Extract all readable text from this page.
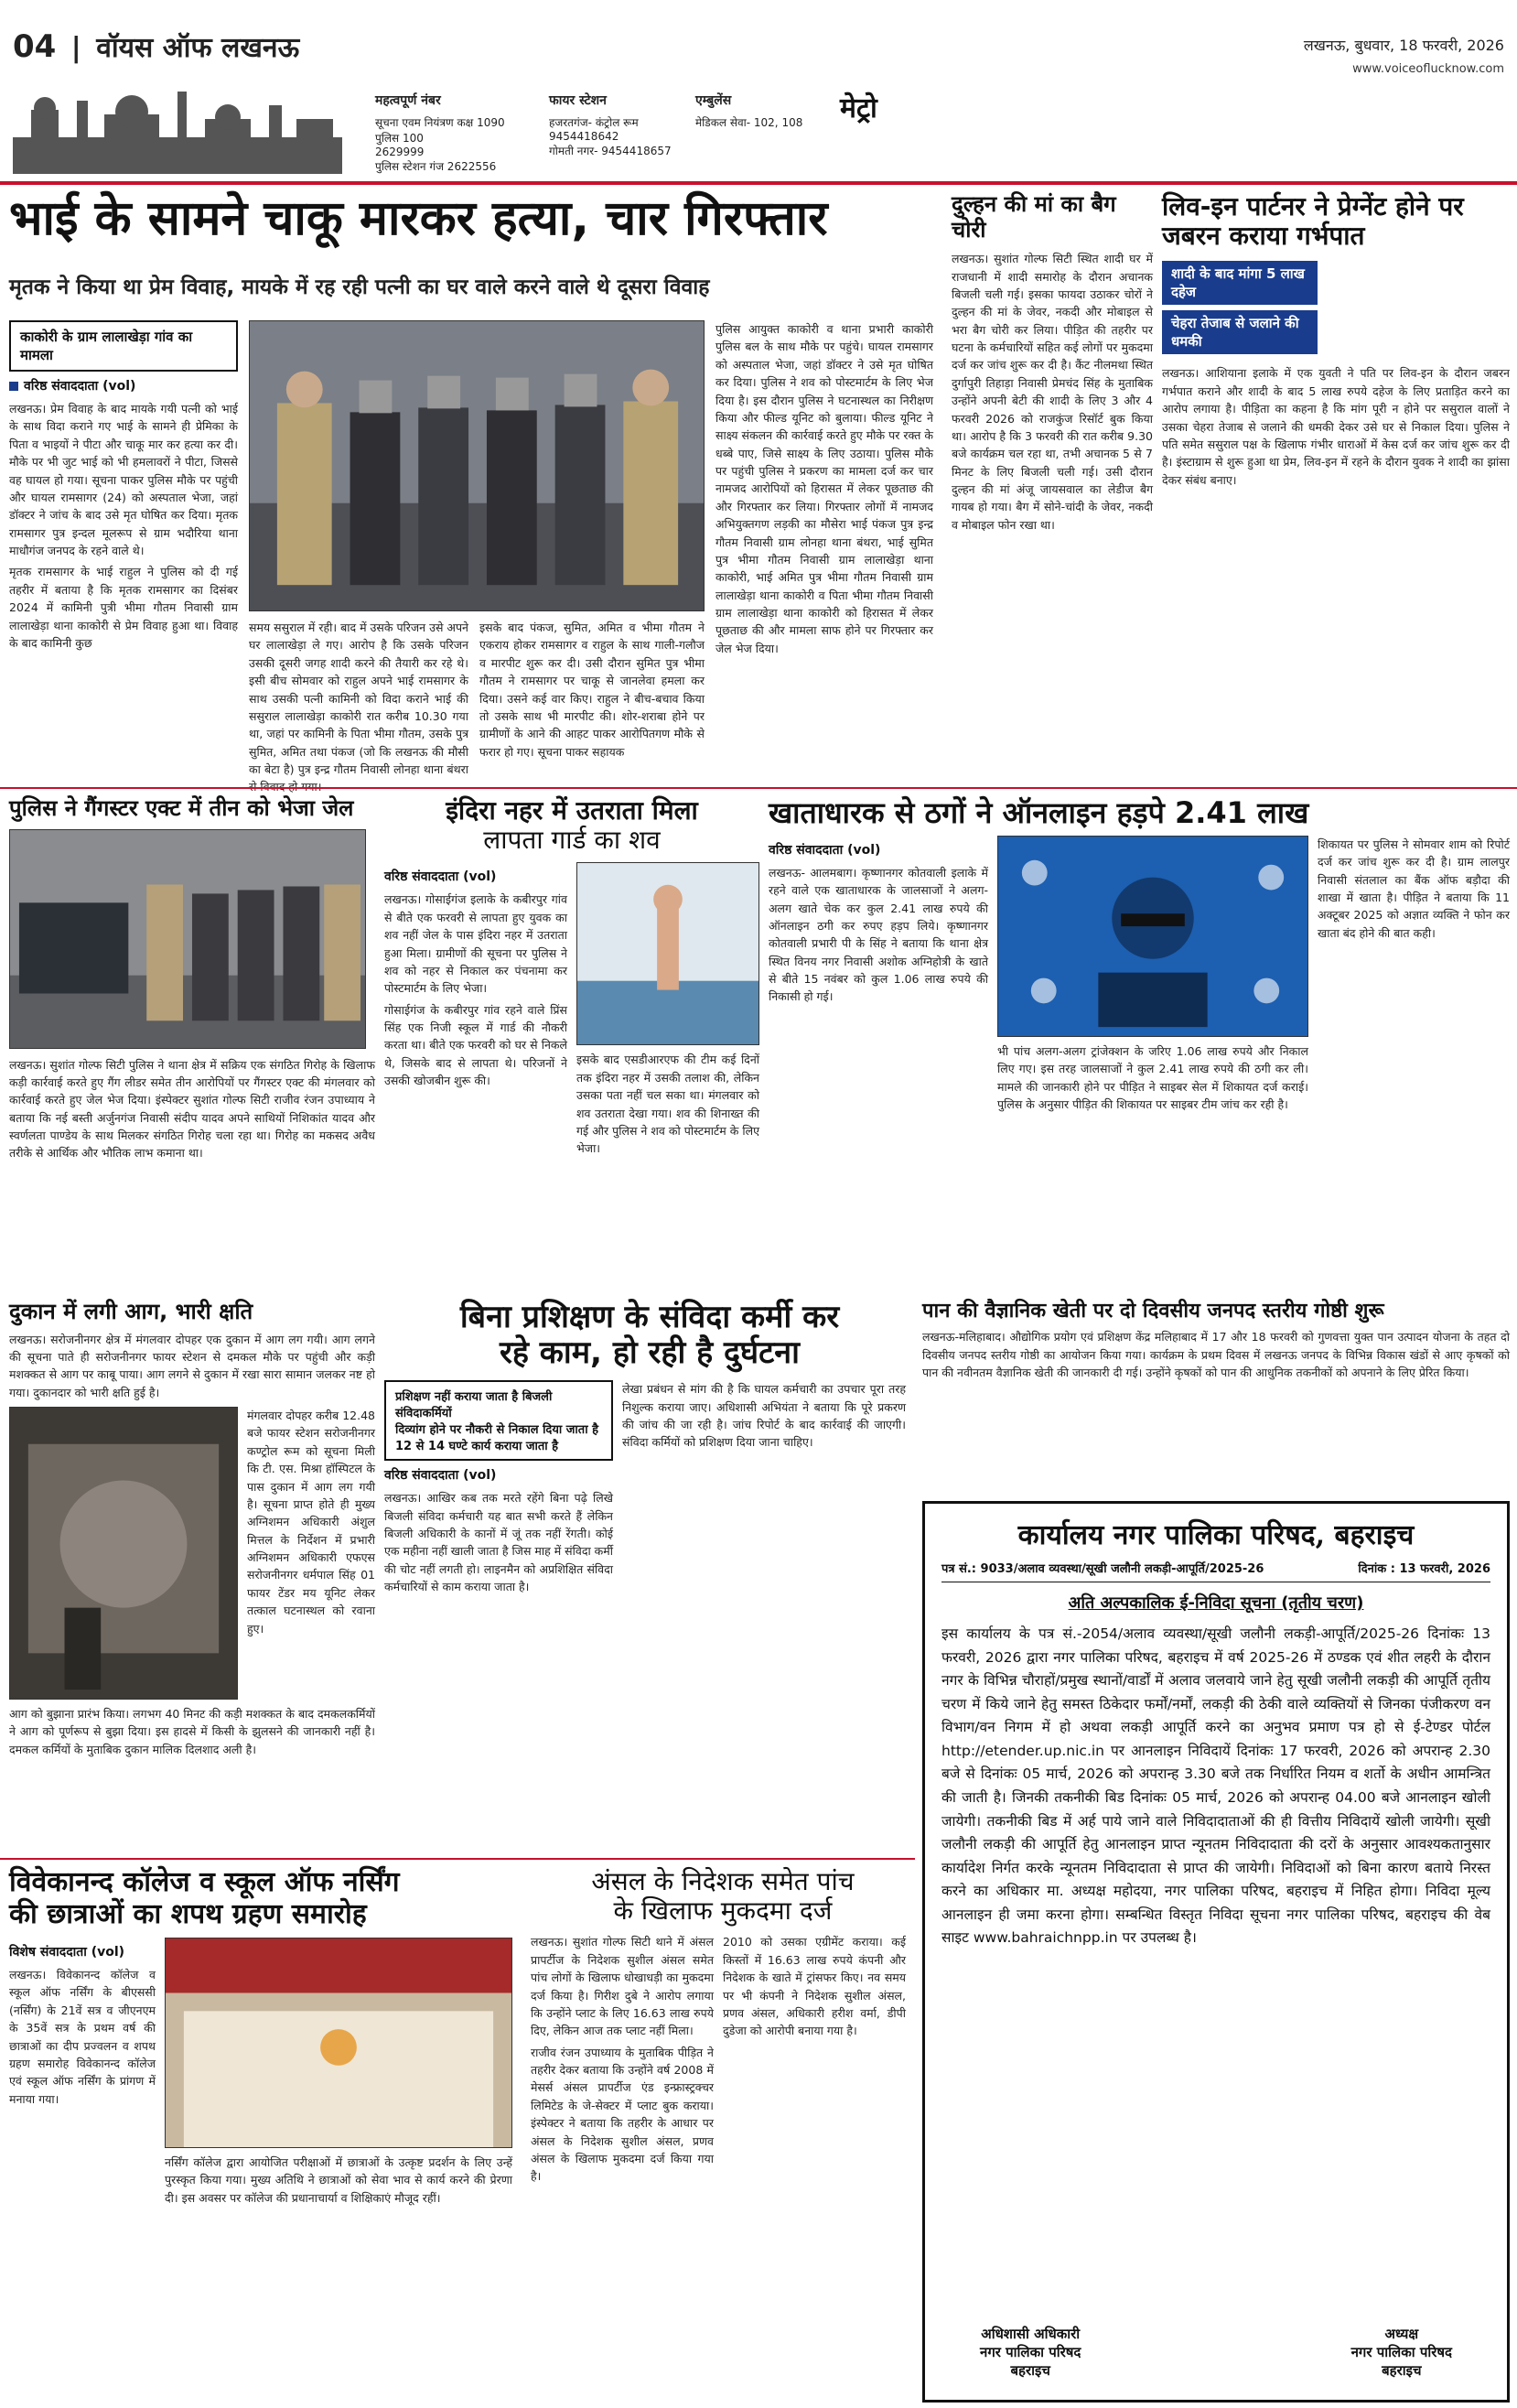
04 | वॉयस ऑफ लखनऊ
महत्वपूर्ण नंबर
सूचना एवम नियंत्रण कक्ष 1090
पुलिस 100
2629999
पुलिस स्टेशन गंज 2622556
फायर स्टेशन
हजरतगंज- कंट्रोल रूम
9454418642
गोमती नगर- 9454418657
एम्बुलेंस
मेडिकल सेवा- 102, 108	मेट्रो
लखनऊ, बुधवार, 18 फरवरी, 2026
www.voiceoflucknow.com
भाई के सामने चाकू मारकर हत्या, चार गिरफ्तार
मृतक ने किया था प्रेम विवाह, मायके में रह रही पत्नी का घर वाले करने वाले थे दूसरा विवाह
काकोरी के ग्राम लालाखेड़ा गांव का मामला
वरिष्ठ संवाददाता (vol)
लखनऊ। प्रेम विवाह के बाद मायके गयी पत्नी को भाई के साथ विदा कराने गए भाई के सामने ही प्रेमिका के पिता व भाइयों ने पीटा और चाकू मार कर हत्या कर दी। मौके पर भी जुट भाई को भी हमलावरों ने पीटा, जिससे वह घायल हो गया। सूचना पाकर पुलिस मौके पर पहुंची और घायल रामसागर (24) को अस्पताल भेजा, जहां डॉक्टर ने जांच के बाद उसे मृत घोषित कर दिया। मृतक रामसागर पुत्र इन्दल मूलरूप से ग्राम भदौरिया थाना माधौगंज जनपद के रहने वाले थे।
मृतक रामसागर के भाई राहुल ने पुलिस को दी गई तहरीर में बताया है कि मृतक रामसागर का दिसंबर 2024 में कामिनी पुत्री भीमा गौतम निवासी ग्राम लालाखेड़ा थाना काकोरी से प्रेम विवाह हुआ था। विवाह के बाद कामिनी कुछ
समय ससुराल में रही। बाद में उसके परिजन उसे अपने घर लालाखेड़ा ले गए। आरोप है कि उसके परिजन उसकी दूसरी जगह शादी करने की तैयारी कर रहे थे। इसी बीच सोमवार को राहुल अपने भाई रामसागर के साथ उसकी पत्नी कामिनी को विदा कराने भाई की ससुराल लालाखेड़ा काकोरी रात करीब 10.30 गया था, जहां पर कामिनी के पिता भीमा गौतम, उसके पुत्र सुमित, अमित तथा पंकज (जो कि लखनऊ की मौसी का बेटा है) पुत्र इन्द्र गौतम निवासी लोनहा थाना बंथरा
इसके बाद पंकज, सुमित, अमित व भीमा गौतम ने एकराय होकर रामसागर व राहुल के साथ गाली-गलौज व मारपीट शुरू कर दी। उसी दौरान सुमित पुत्र भीमा गौतम ने रामसागर पर चाकू से जानलेवा हमला कर दिया। उसने कई वार किए। राहुल ने बीच-बचाव किया तो उसके साथ भी मारपीट की। शोर-शराबा होने पर ग्रामीणों के आने की आहट पाकर आरोपितगण मौके से फरार हो गए। सूचना पाकर सहायक
पुलिस आयुक्त काकोरी व थाना प्रभारी काकोरी पुलिस बल के साथ मौके पर पहुंचे। घायल रामसागर को अस्पताल भेजा, जहां डॉक्टर ने उसे मृत घोषित कर दिया। पुलिस ने शव को पोस्टमार्टम के लिए भेज दिया है। इस दौरान पुलिस ने घटनास्थल का निरीक्षण किया और फील्ड यूनिट को बुलाया। फील्ड यूनिट ने साक्ष्य संकलन की कार्रवाई करते हुए मौके पर रक्त के धब्बे पाए, जिसे साक्ष्य के लिए उठाया। पुलिस मौके पर पहुंची पुलिस ने प्रकरण का मामला दर्ज कर चार नामजद आरोपियों को हिरासत में लेकर पूछताछ की और गिरफ्तार कर लिया। गिरफ्तार लोगों में नामजद अभियुक्तगण लड़की का मौसेरा भाई पंकज पुत्र इन्द्र गौतम निवासी ग्राम लोनहा थाना बंथरा, भाई सुमित पुत्र भीमा गौतम निवासी ग्राम लालाखेड़ा थाना काकोरी, भाई अमित पुत्र भीमा गौतम निवासी ग्राम लालाखेड़ा थाना काकोरी व पिता भीमा गौतम निवासी ग्राम लालाखेड़ा थाना काकोरी को हिरासत में लेकर पूछताछ की और मामला साफ होने पर गिरफ्तार कर जेल भेज दिया।
दुल्हन की मां का बैग चोरी
लखनऊ। सुशांत गोल्फ सिटी स्थित शादी घर में राजधानी में शादी समारोह के दौरान अचानक बिजली चली गई। इसका फायदा उठाकर चोरों ने दुल्हन की मां के जेवर, नकदी और मोबाइल से भरा बैग चोरी कर लिया। पीड़ित की तहरीर पर घटना के कर्मचारियों सहित कई लोगों पर मुकदमा दर्ज कर जांच शुरू कर दी है। कैंट नीलमथा स्थित दुर्गापुरी तिहाड़ा निवासी प्रेमचंद सिंह के मुताबिक उन्होंने अपनी बेटी की शादी के लिए 3 और 4 फरवरी 2026 को राजकुंज रिसॉर्ट बुक किया था। आरोप है कि 3 फरवरी की रात करीब 9.30 बजे कार्यक्रम चल रहा था, तभी अचानक 5 से 7 मिनट के लिए बिजली चली गई। उसी दौरान दुल्हन की मां अंजू जायसवाल का लेडीज बैग गायब हो गया। बैग में सोने-चांदी के जेवर, नकदी व मोबाइल फोन रखा था।
लिव-इन पार्टनर ने प्रेग्नेंट होने पर जबरन कराया गर्भपात
शादी के बाद मांगा 5 लाख दहेज चेहरा तेजाब से जलाने की धमकी
लखनऊ। आशियाना इलाके में एक युवती ने पति पर लिव-इन के दौरान जबरन गर्भपात कराने और शादी के बाद 5 लाख रुपये दहेज के लिए प्रताड़ित करने का आरोप लगाया है। पीड़िता का कहना है कि मांग पूरी न होने पर ससुराल वालों ने उसका चेहरा तेजाब से जलाने की धमकी देकर उसे घर से निकाल दिया। पुलिस ने पति समेत ससुराल पक्ष के खिलाफ गंभीर धाराओं में केस दर्ज कर जांच शुरू कर दी है। इंस्टाग्राम से शुरू हुआ था प्रेम, लिव-इन में रहने के दौरान युवक ने शादी का झांसा देकर संबंध बनाए।
पुलिस ने गैंगस्टर एक्ट में तीन को भेजा जेल
लखनऊ। सुशांत गोल्फ सिटी पुलिस ने थाना क्षेत्र में सक्रिय एक संगठित गिरोह के खिलाफ कड़ी कार्रवाई करते हुए गैंग लीडर समेत तीन आरोपियों पर गैंगस्टर एक्ट की मंगलवार को कार्रवाई करते हुए जेल भेज दिया। इंस्पेक्टर सुशांत गोल्फ सिटी राजीव रंजन उपाध्याय ने बताया कि नई बस्ती अर्जुनगंज निवासी संदीप यादव अपने साथियों निशिकांत यादव और स्वर्णलता पाण्डेय के साथ मिलकर संगठित गिरोह चला रहा था। गिरोह का मकसद अवैध तरीके से आर्थिक और भौतिक लाभ कमाना था।
दुकान में लगी आग, भारी क्षति
लखनऊ। सरोजनीनगर क्षेत्र में मंगलवार दोपहर एक दुकान में आग लग गयी। आग लगने की सूचना पाते ही सरोजनीनगर फायर स्टेशन से दमकल मौके पर पहुंची और कड़ी मशक्कत से आग पर काबू पाया। आग लगने से दुकान में रखा सारा सामान जलकर नष्ट हो गया। दुकानदार को भारी क्षति हुई है।
मंगलवार दोपहर करीब 12.48 बजे फायर स्टेशन सरोजनीनगर कण्ट्रोल रूम को सूचना मिली कि टी. एस. मिश्रा हॉस्पिटल के पास दुकान में आग लग गयी है। सूचना प्राप्त होते ही मुख्य अग्निशमन अधिकारी अंशुल मित्तल के निर्देशन में प्रभारी अग्निशमन अधिकारी एफएस सरोजनीनगर धर्मपाल सिंह 01 फायर टेंडर मय यूनिट लेकर तत्काल घटनास्थल को रवाना हुए।
आग को बुझाना प्रारंभ किया। लगभग 40 मिनट की कड़ी मशक्कत के बाद दमकलकर्मियों ने आग को पूर्णरूप से बुझा दिया। इस हादसे में किसी के झुलसने की जानकारी नहीं है। दमकल कर्मियों के मुताबिक दुकान मालिक दिलशाद अली है।
इंदिरा नहर में उतराता मिला
लापता गार्ड का शव
वरिष्ठ संवाददाता (vol)
लखनऊ। गोसाईगंज इलाके के कबीरपुर गांव से बीते एक फरवरी से लापता हुए युवक का शव नहीं जेल के पास इंदिरा नहर में उतराता हुआ मिला। ग्रामीणों की सूचना पर पुलिस ने शव को नहर से निकाल कर पंचनामा कर पोस्टमार्टम के लिए भेजा।
गोसाईगंज के कबीरपुर गांव रहने वाले प्रिंस सिंह एक निजी स्कूल में गार्ड की नौकरी करता था। बीते एक फरवरी को घर से निकले थे, जिसके बाद से लापता थे। परिजनों ने उसकी खोजबीन शुरू की।
इसके बाद एसडीआरएफ की टीम कई दिनों तक इंदिरा नहर में उसकी तलाश की, लेकिन उसका पता नहीं चल सका था। मंगलवार को शव उतराता देखा गया। शव की शिनाख्त की गई और पुलिस ने शव को पोस्टमार्टम के लिए भेजा।
खाताधारक से ठगों ने ऑनलाइन हड़पे 2.41 लाख
वरिष्ठ संवाददाता (vol)
लखनऊ- आलमबाग। कृष्णानगर कोतवाली इलाके में रहने वाले एक खाताधारक के जालसाजों ने अलग-अलग खाते चेक कर कुल 2.41 लाख रुपये की ऑनलाइन ठगी कर रुपए हड़प लिये। कृष्णानगर कोतवाली प्रभारी पी के सिंह ने बताया कि थाना क्षेत्र स्थित विनय नगर निवासी अशोक अग्निहोत्री के खाते से बीते 15 नवंबर को कुल 1.06 लाख रुपये की निकासी हो गई।
भी पांच अलग-अलग ट्रांजेक्शन के जरिए 1.06 लाख रुपये और निकाल लिए गए। इस तरह जालसाजों ने कुल 2.41 लाख रुपये की ठगी कर ली। मामले की जानकारी होने पर पीड़ित ने साइबर सेल में शिकायत दर्ज कराई। पुलिस के अनुसार पीड़ित की शिकायत पर साइबर टीम जांच कर रही है।
शिकायत पर पुलिस ने सोमवार शाम को रिपोर्ट दर्ज कर जांच शुरू कर दी है। ग्राम लालपुर निवासी संतलाल का बैंक ऑफ बड़ौदा की शाखा में खाता है। पीड़ित ने बताया कि 11 अक्टूबर 2025 को अज्ञात व्यक्ति ने फोन कर खाता बंद होने की बात कही।
बिना प्रशिक्षण के संविदा कर्मी कर
रहे काम, हो रही है दुर्घटना
प्रशिक्षण नहीं कराया जाता है बिजली संविदाकर्मियों
दिव्यांग होने पर नौकरी से निकाल दिया जाता है
12 से 14 घण्टे कार्य कराया जाता है
वरिष्ठ संवाददाता (vol)
लखनऊ। आखिर कब तक मरते रहेंगे बिना पढ़े लिखे बिजली संविदा कर्मचारी यह बात सभी करते हैं लेकिन बिजली अधिकारी के कानों में जूं तक नहीं रेंगती। कोई एक महीना नहीं खाली जाता है जिस माह में संविदा कर्मी की चोट नहीं लगती हो। लाइनमैन को अप्रशिक्षित संविदा कर्मचारियों से काम कराया जाता है।
लेखा प्रबंधन से मांग की है कि घायल कर्मचारी का उपचार पूरा तरह निशुल्क कराया जाए। अधिशासी अभियंता ने बताया कि पूरे प्रकरण की जांच की जा रही है। जांच रिपोर्ट के बाद कार्रवाई की जाएगी। संविदा कर्मियों को प्रशिक्षण दिया जाना चाहिए।
पान की वैज्ञानिक खेती पर दो दिवसीय जनपद स्तरीय गोष्ठी शुरू
लखनऊ-मलिहाबाद। औद्योगिक प्रयोग एवं प्रशिक्षण केंद्र मलिहाबाद में 17 और 18 फरवरी को गुणवत्ता युक्त पान उत्पादन योजना के तहत दो दिवसीय जनपद स्तरीय गोष्ठी का आयोजन किया गया। कार्यक्रम के प्रथम दिवस में लखनऊ जनपद के विभिन्न विकास खंडों से आए कृषकों को पान की नवीनतम वैज्ञानिक खेती की जानकारी दी गई। उन्होंने कृषकों को पान की आधुनिक तकनीकों को अपनाने के लिए प्रेरित किया।
विवेकानन्द कॉलेज व स्कूल ऑफ नर्सिंग
की छात्राओं का शपथ ग्रहण समारोह
विशेष संवाददाता (vol)
लखनऊ। विवेकानन्द कॉलेज व स्कूल ऑफ नर्सिंग के बीएससी (नर्सिंग) के 21वें सत्र व जीएनएम के 35वें सत्र के प्रथम वर्ष की छात्राओं का दीप प्रज्वलन व शपथ ग्रहण समारोह विवेकानन्द कॉलेज एवं स्कूल ऑफ नर्सिंग के प्रांगण में मनाया गया।
नर्सिंग कॉलेज द्वारा आयोजित परीक्षाओं में छात्राओं के उत्कृष्ट प्रदर्शन के लिए उन्हें पुरस्कृत किया गया। मुख्य अतिथि ने छात्राओं को सेवा भाव से कार्य करने की प्रेरणा दी। इस अवसर पर कॉलेज की प्रधानाचार्या व शिक्षिकाएं मौजूद रहीं।
अंसल के निदेशक समेत पांच
के खिलाफ मुकदमा दर्ज
लखनऊ। सुशांत गोल्फ सिटी थाने में अंसल प्रापर्टीज के निदेशक सुशील अंसल समेत पांच लोगों के खिलाफ धोखाधड़ी का मुकदमा दर्ज किया है। गिरीश दुबे ने आरोप लगाया कि उन्होंने प्लाट के लिए 16.63 लाख रुपये दिए, लेकिन आज तक प्लाट नहीं मिला।
राजीव रंजन उपाध्याय के मुताबिक पीड़ित ने तहरीर देकर बताया कि उन्होंने वर्ष 2008 में मेसर्स अंसल प्रापर्टीज एंड इन्फ्रास्ट्रक्चर लिमिटेड के जे-सेक्टर में प्लाट बुक कराया। इंस्पेक्टर ने बताया कि तहरीर के आधार पर अंसल के निदेशक सुशील अंसल, प्रणव अंसल के खिलाफ मुकदमा दर्ज किया गया है।
2010 को उसका एग्रीमेंट कराया। कई किस्तों में 16.63 लाख रुपये कंपनी और निदेशक के खाते में ट्रांसफर किए। नव समय पर भी कंपनी ने निदेशक सुशील अंसल, प्रणव अंसल, अधिकारी हरीश वर्मा, डीपी दुडेजा को आरोपी बनाया गया है।
कार्यालय नगर पालिका परिषद, बहराइच
पत्र सं.: 9033/अलाव व्यवस्था/सूखी जलौनी लकड़ी-आपूर्ति/2025-26	दिनांक : 13 फरवरी, 2026
अति अल्पकालिक ई-निविदा सूचना (तृतीय चरण)

इस कार्यालय के पत्र सं.-2054/अलाव व्यवस्था/सूखी जलौनी लकड़ी-आपूर्ति/2025-26 दिनांकः 13 फरवरी, 2026 द्वारा नगर पालिका परिषद, बहराइच में वर्ष 2025-26 में ठण्डक एवं शीत लहरी के दौरान नगर के विभिन्न चौराहों/प्रमुख स्थानों/वार्डों में अलाव जलवाये जाने हेतु सूखी जलौनी लकड़ी की आपूर्ति तृतीय चरण में किये जाने हेतु समस्त ठिकेदार फर्मों/नर्मों, लकड़ी की ठेकी वाले व्यक्तियों से जिनका पंजीकरण वन विभाग/वन निगम में हो अथवा लकड़ी आपूर्ति करने का अनुभव प्रमाण पत्र हो से ई-टेण्डर पोर्टल http://etender.up.nic.in पर आनलाइन निविदायें दिनांकः 17 फरवरी, 2026 को अपरान्ह 2.30 बजे से दिनांकः 05 मार्च, 2026 को अपरान्ह 3.30 बजे तक निर्धारित नियम व शर्तो के अधीन आमन्त्रित की जाती है। जिनकी तकनीकी बिड दिनांकः 05 मार्च, 2026 को अपरान्ह 04.00 बजे आनलाइन खोली जायेगी। तकनीकी बिड में अर्ह पाये जाने वाले निविदादाताओं की ही वित्तीय निविदायें खोली जायेगी। सूखी जलौनी लकड़ी की आपूर्ति हेतु आनलाइन प्राप्त न्यूनतम निविदादाता की दरों के अनुसार आवश्यकतानुसार कार्यादेश निर्गत करके न्यूनतम निविदादाता से प्राप्त की जायेगी। निविदाओं को बिना कारण बताये निरस्त करने का अधिकार मा. अध्यक्ष महोदया, नगर पालिका परिषद, बहराइच में निहित होगा। निविदा मूल्य आनलाइन ही जमा करना होगा। सम्बन्धित विस्तृत निविदा सूचना नगर पालिका परिषद, बहराइच की वेब साइट www.bahraichnpp.in पर उपलब्ध है।

अधिशासी अधिकारी
नगर पालिका परिषद
बहराइच
अध्यक्ष
नगर पालिका परिषद
बहराइच
